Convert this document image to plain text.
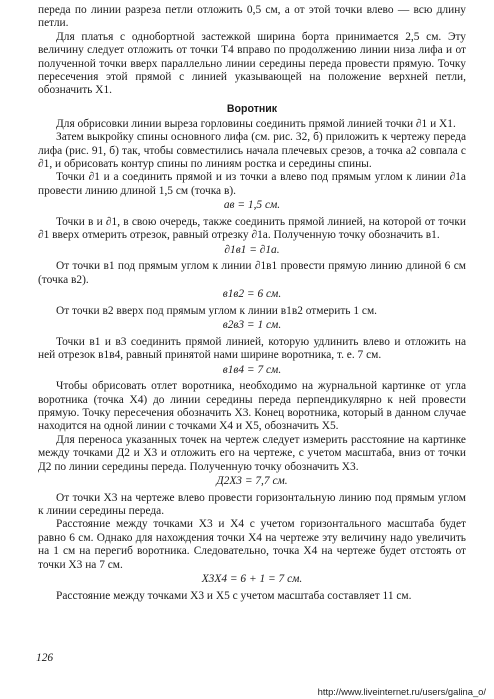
переда по линии разреза петли отложить 0,5 см, а от этой точки влево — всю длину петли.

Для платья с однобортной застежкой ширина борта принимается 2,5 см. Эту величину следует отложить от точки T4 вправо по продолжению линии низа лифа и от полученной точки вверх параллельно линии середины переда провести прямую. Точку пересечения этой прямой с линией указывающей на положение верхней петли, обозначить X1.

Воротник

Для обрисовки линии выреза горловины соединить прямой линией точки ∂1 и X1.

Затем выкройку спины основного лифа (см. рис. 32, б) приложить к чертежу переда лифа (рис. 91, б) так, чтобы совместились начала плечевых срезов, а точка a2 совпала с ∂1, и обрисовать контур спины по линиям ростка и середины спины.

Точки ∂1 и a соединить прямой и из точки a влево под прямым углом к линии ∂1a провести линию длиной 1,5 см (точка в).

ав = 1,5 см.

Точки в и ∂1, в свою очередь, также соединить прямой линией, на которой от точки ∂1 вверх отмерить отрезок, равный отрезку ∂1a. Полученную точку обозначить в1.

∂1в1 = ∂1a.

От точки в1 под прямым углом к линии ∂1в1 провести прямую линию длиной 6 см (точка в2).

в1в2 = 6 см.

От точки в2 вверх под прямым углом к линии в1в2 отмерить 1 см.

в2в3 = 1 см.

Точки в1 и в3 соединить прямой линией, которую удлинить влево и отложить на ней отрезок в1в4, равный принятой нами ширине воротника, т. е. 7 см.

в1в4 = 7 см.

Чтобы обрисовать отлет воротника, необходимо на журнальной картинке от угла воротника (точка X4) до линии середины переда перпендикулярно к ней провести прямую. Точку пересечения обозначить X3. Конец воротника, который в данном случае находится на одной линии с точками X4 и X5, обозначить X5.

Для переноса указанных точек на чертеж следует измерить расстояние на картинке между точками Д2 и X3 и отложить его на чертеже, с учетом масштаба, вниз от точки Д2 по линии середины переда. Полученную точку обозначить X3.

Д2X3 = 7,7 см.

От точки X3 на чертеже влево провести горизонтальную линию под прямым углом к линии середины переда.

Расстояние между точками X3 и X4 с учетом горизонтального масштаба будет равно 6 см. Однако для нахождения точки X4 на чертеже эту величину надо увеличить на 1 см на перегиб воротника. Следовательно, точка X4 на чертеже будет отстоять от точки X3 на 7 см.

X3X4 = 6 + 1 = 7 см.

Расстояние между точками X3 и X5 с учетом масштаба составляет 11 см.

126
http://www.liveinternet.ru/users/galina_o/
